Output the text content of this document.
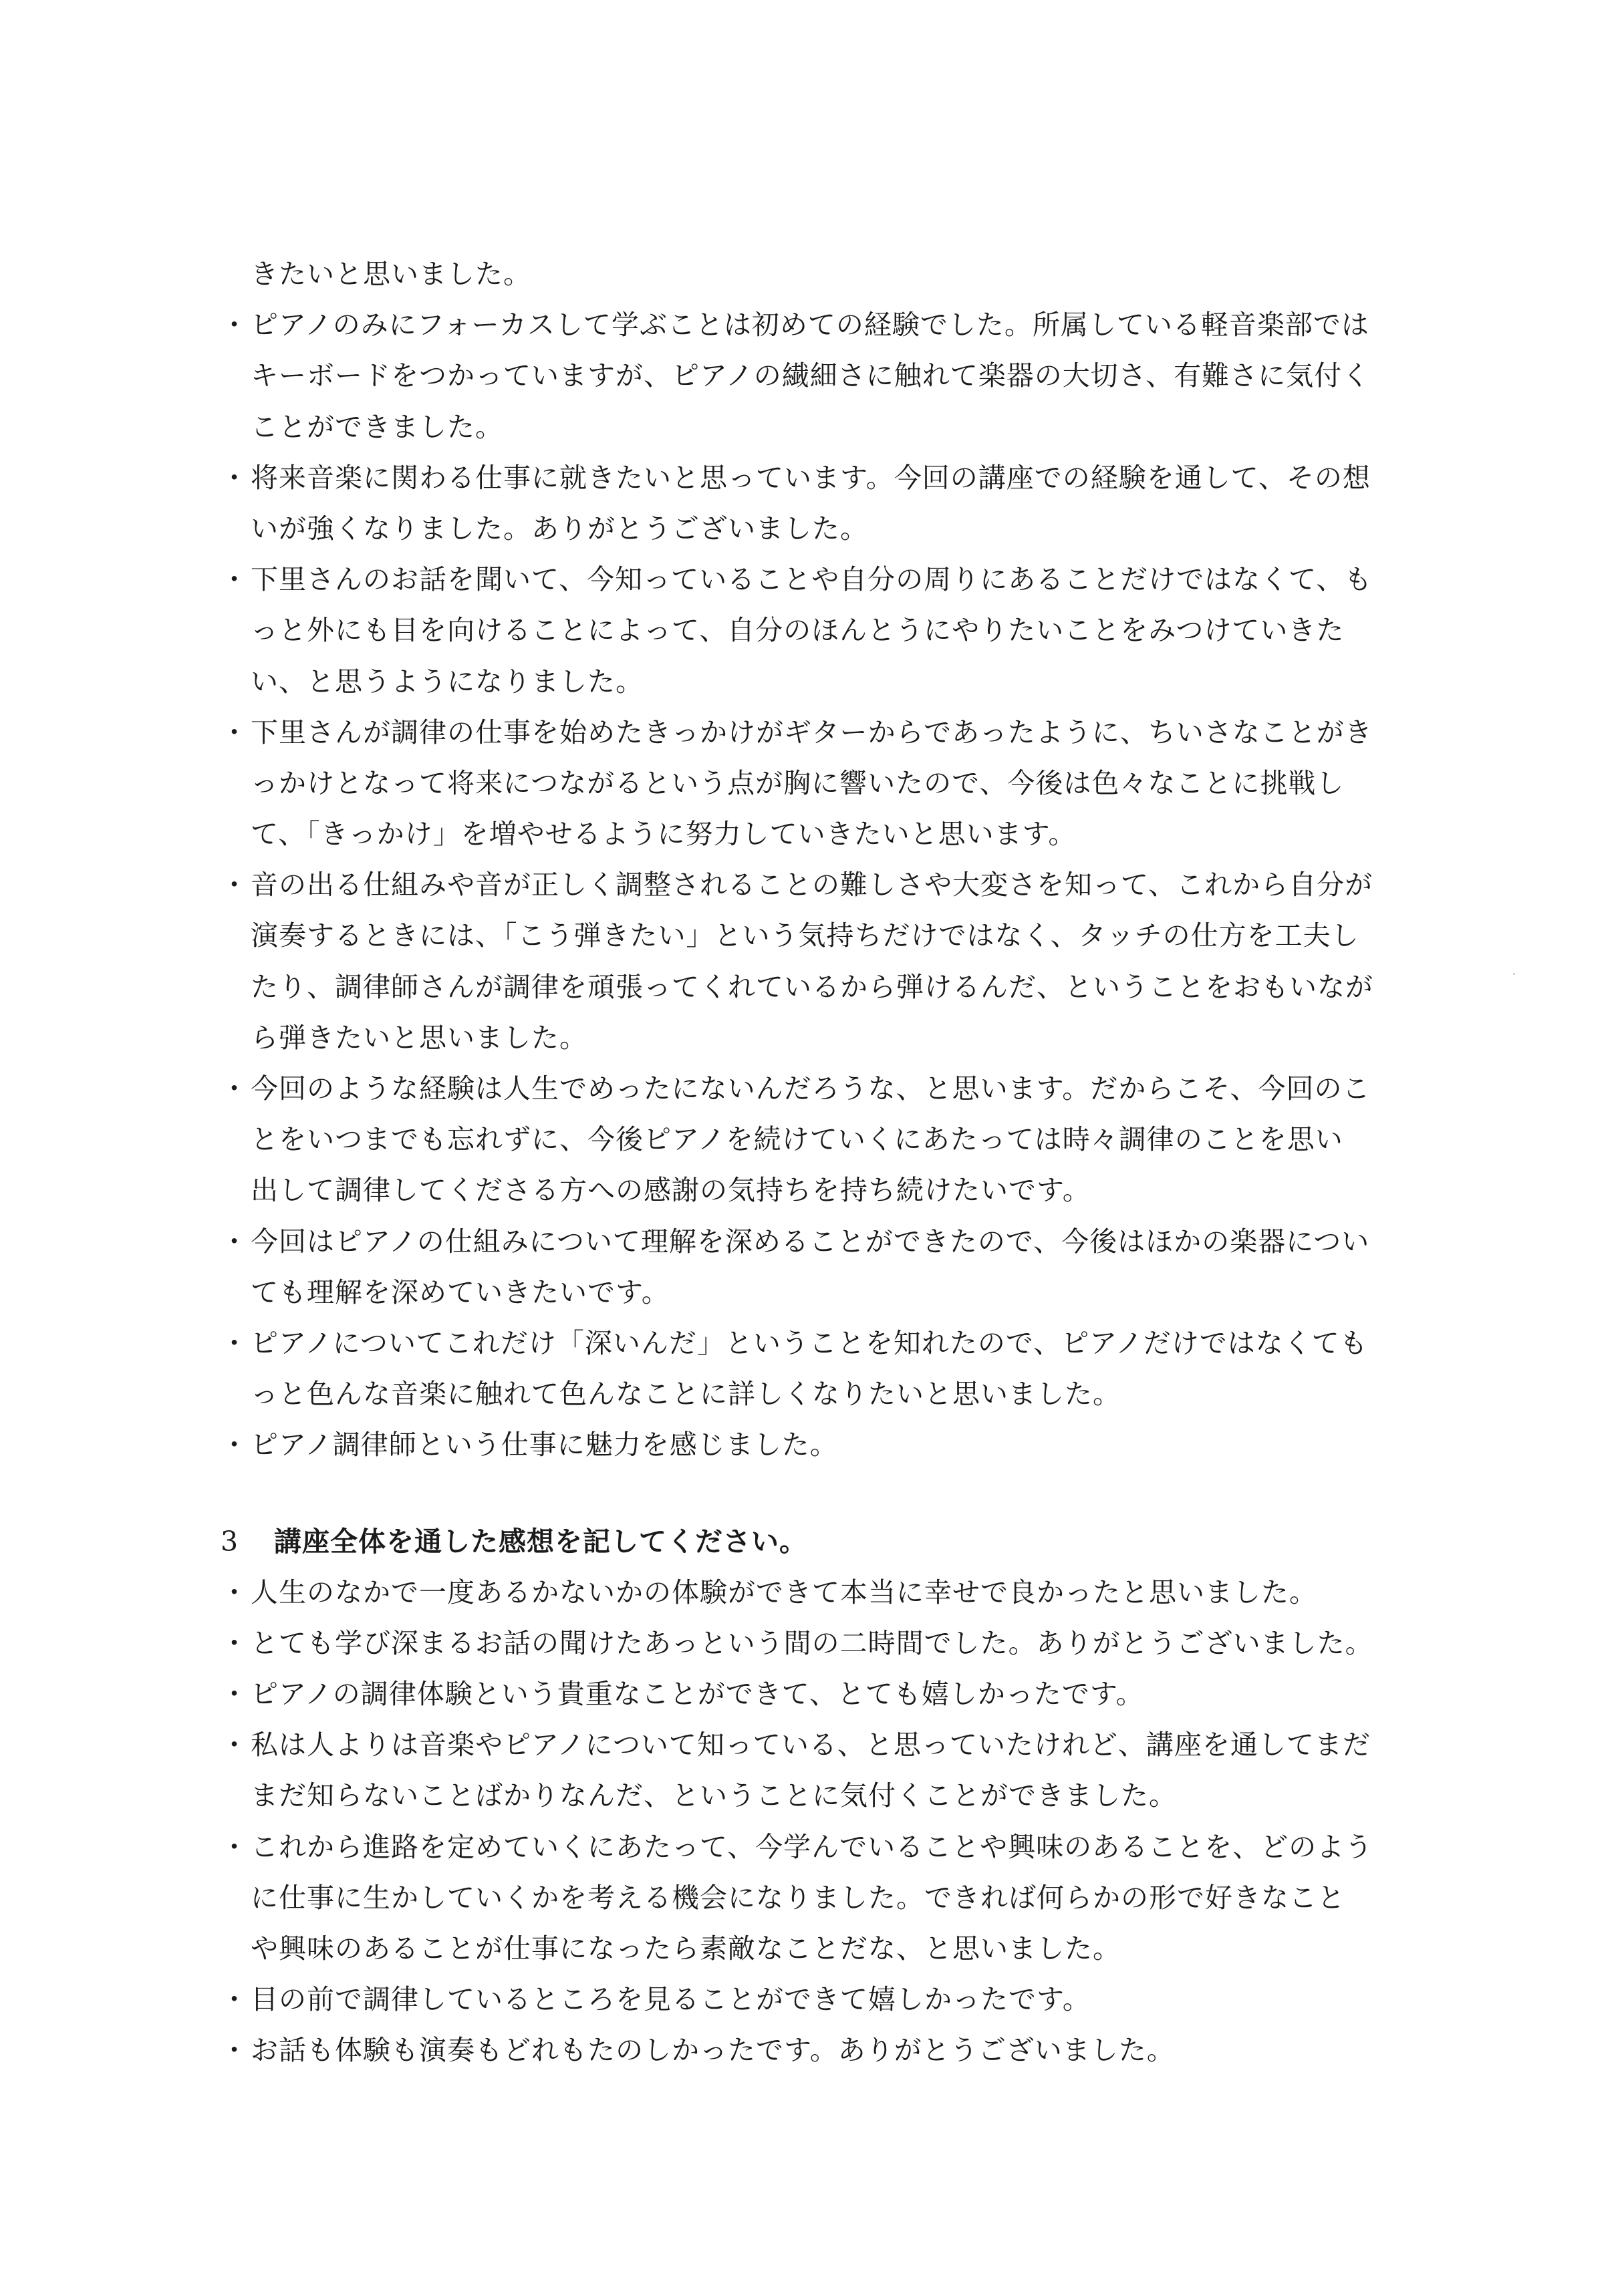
きたいと思いました。
・ピアノのみにフォーカスして学ぶことは初めての経験でした。所属している軽音楽部では
キーボードをつかっていますが、ピアノの繊細さに触れて楽器の大切さ、有難さに気付く
ことができました。
・将来音楽に関わる仕事に就きたいと思っています。今回の講座での経験を通して、その想
いが強くなりました。ありがとうございました。
・下里さんのお話を聞いて、今知っていることや自分の周りにあることだけではなくて、も
っと外にも目を向けることによって、自分のほんとうにやりたいことをみつけていきた
い、と思うようになりました。
・下里さんが調律の仕事を始めたきっかけがギターからであったように、ちいさなことがき
っかけとなって将来につながるという点が胸に響いたので、今後は色々なことに挑戦し
て、「きっかけ」を増やせるように努力していきたいと思います。
・音の出る仕組みや音が正しく調整されることの難しさや大変さを知って、これから自分が
演奏するときには、「こう弾きたい」という気持ちだけではなく、タッチの仕方を工夫し
たり、調律師さんが調律を頑張ってくれているから弾けるんだ、ということをおもいなが
ら弾きたいと思いました。
・今回のような経験は人生でめったにないんだろうな、と思います。だからこそ、今回のこ
とをいつまでも忘れずに、今後ピアノを続けていくにあたっては時々調律のことを思い
出して調律してくださる方への感謝の気持ちを持ち続けたいです。
・今回はピアノの仕組みについて理解を深めることができたので、今後はほかの楽器につい
ても理解を深めていきたいです。
・ピアノについてこれだけ「深いんだ」ということを知れたので、ピアノだけではなくても
っと色んな音楽に触れて色んなことに詳しくなりたいと思いました。
・ピアノ調律師という仕事に魅力を感じました。
3 講座全体を通した感想を記してください。
・人生のなかで一度あるかないかの体験ができて本当に幸せで良かったと思いました。
・とても学び深まるお話の聞けたあっという間の二時間でした。ありがとうございました。
・ピアノの調律体験という貴重なことができて、とても嬉しかったです。
・私は人よりは音楽やピアノについて知っている、と思っていたけれど、講座を通してまだ
まだ知らないことばかりなんだ、ということに気付くことができました。
・これから進路を定めていくにあたって、今学んでいることや興味のあることを、どのよう
に仕事に生かしていくかを考える機会になりました。できれば何らかの形で好きなこと
や興味のあることが仕事になったら素敵なことだな、と思いました。
・目の前で調律しているところを見ることができて嬉しかったです。
・お話も体験も演奏もどれもたのしかったです。ありがとうございました。
